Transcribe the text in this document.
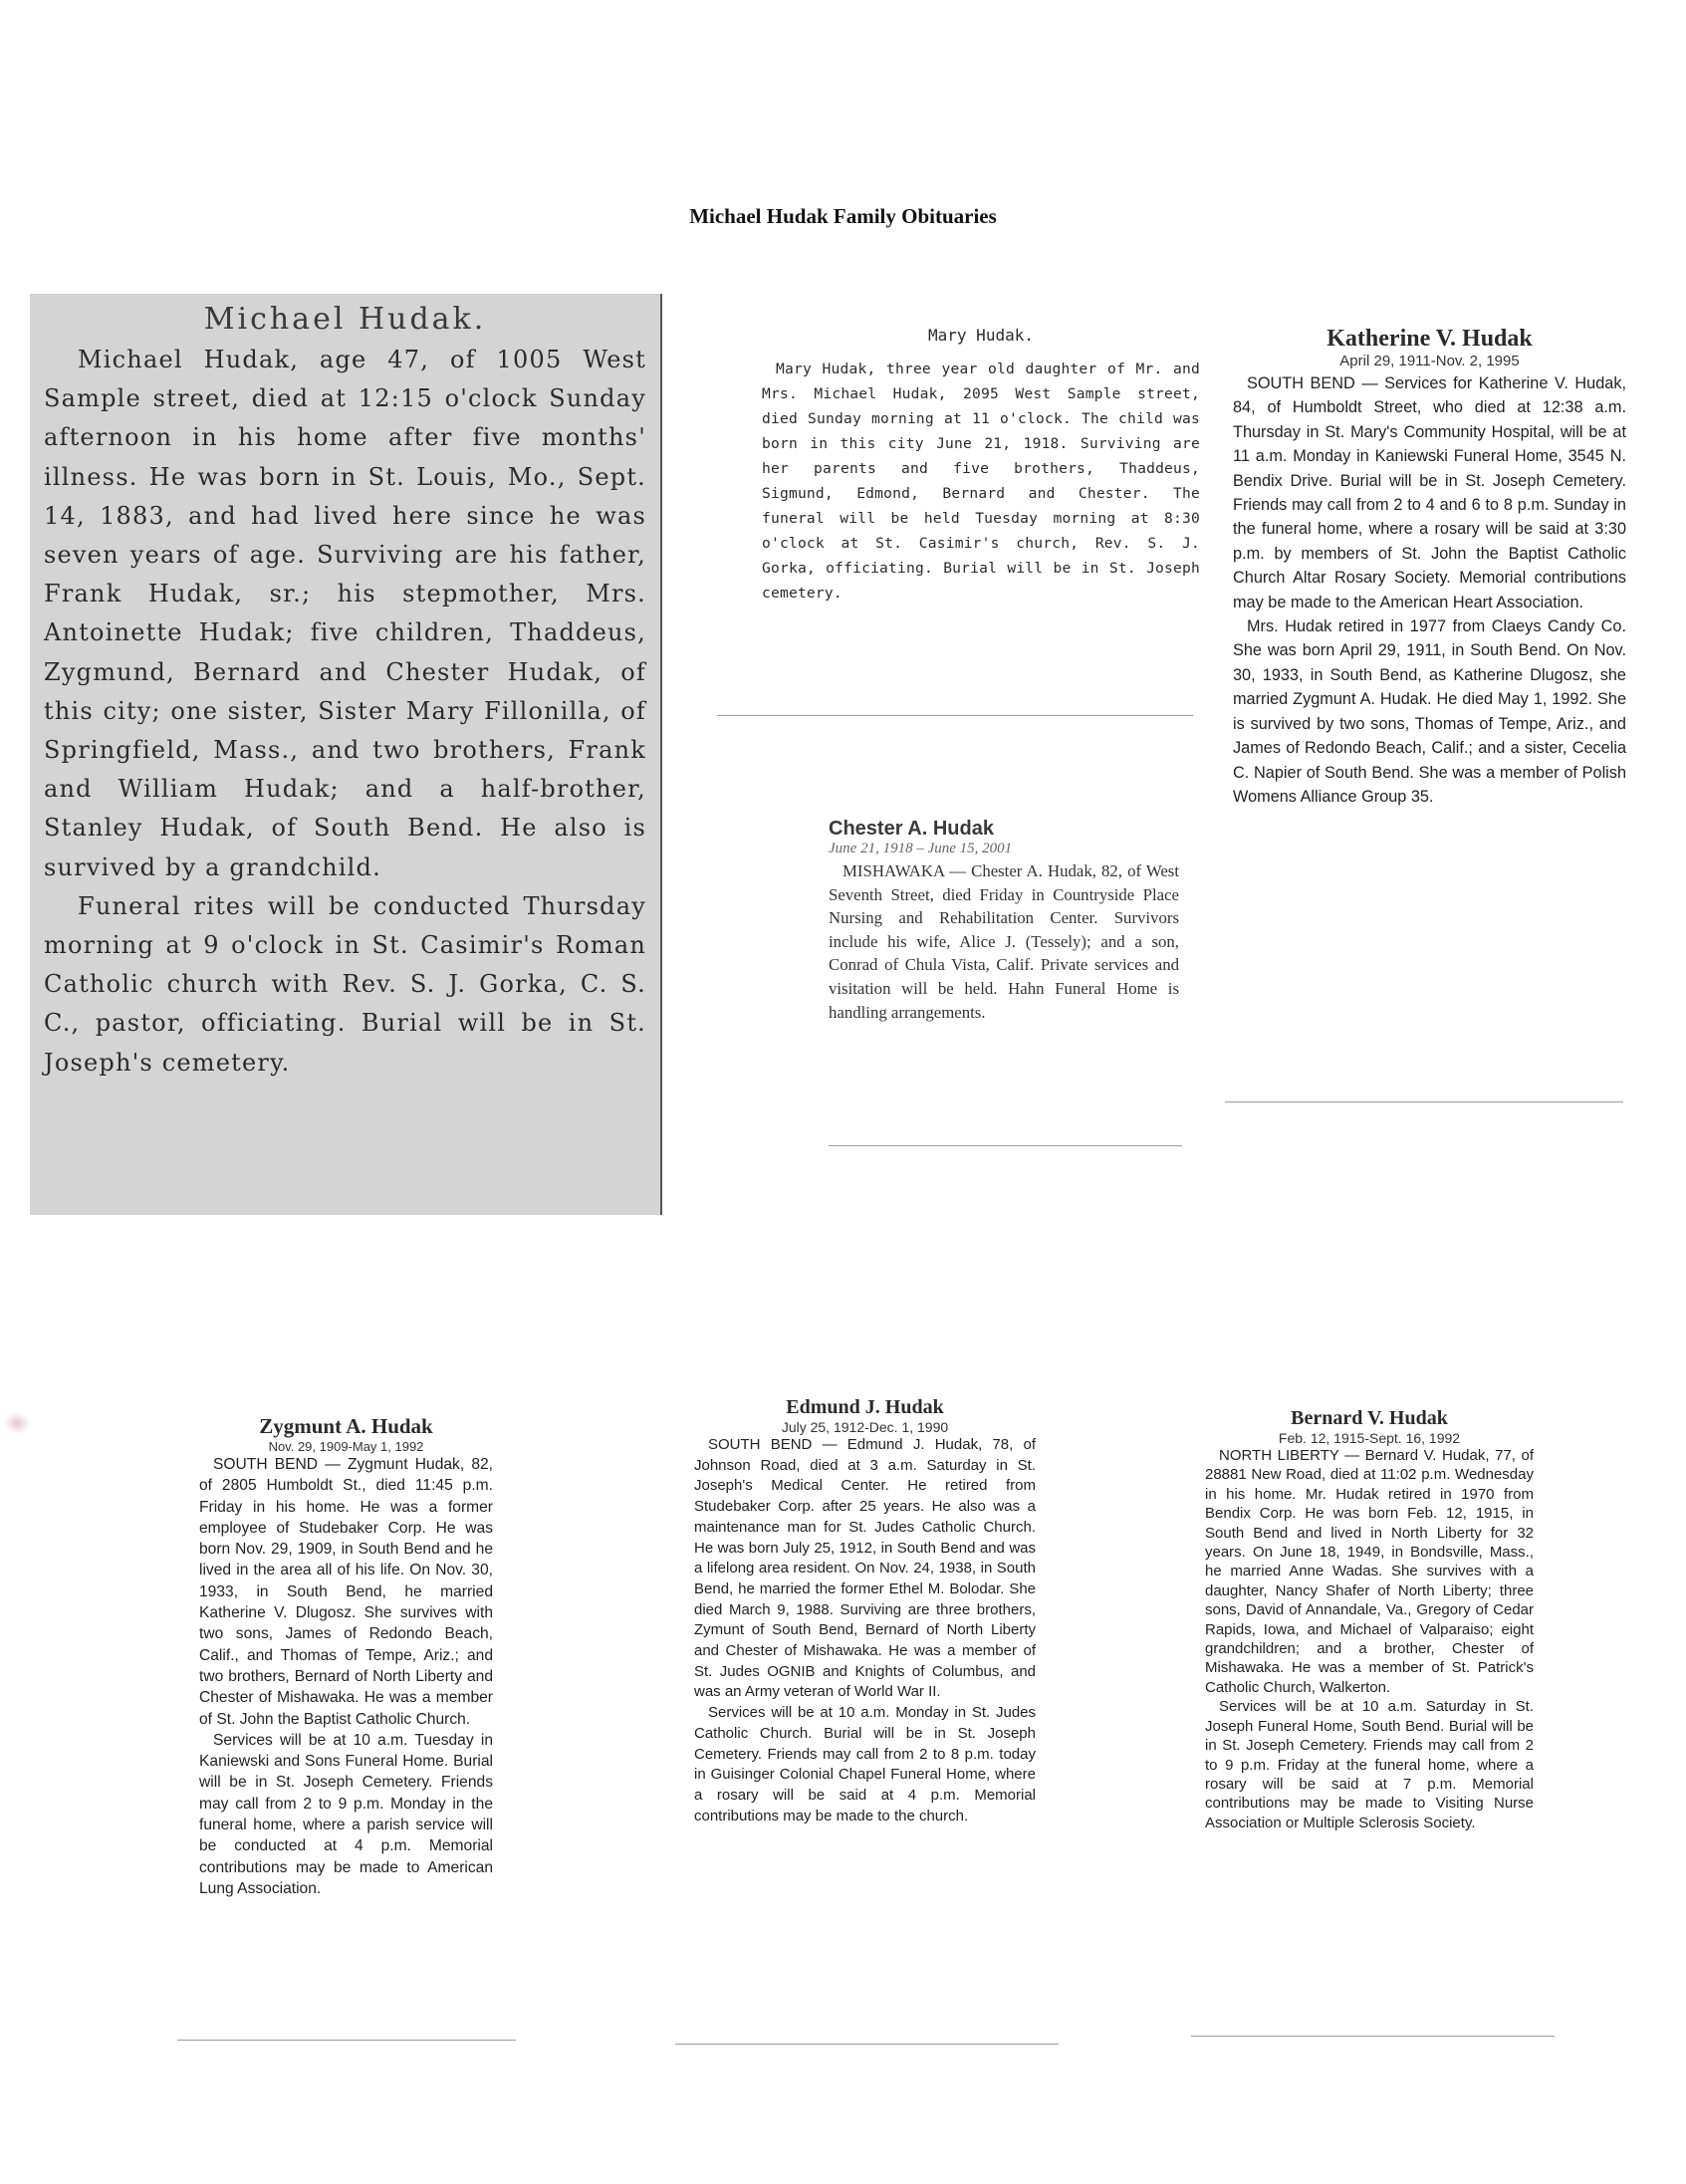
Michael Hudak Family Obituaries
Michael Hudak.

Michael Hudak, age 47, of 1005 West Sample street, died at 12:15 o'clock Sunday afternoon in his home after five months' illness. He was born in St. Louis, Mo., Sept. 14, 1883, and had lived here since he was seven years of age. Surviving are his father, Frank Hudak, sr.; his stepmother, Mrs. Antoinette Hudak; five children, Thaddeus, Zygmund, Bernard and Chester Hudak, of this city; one sister, Sister Mary Fillonilla, of Springfield, Mass., and two brothers, Frank and William Hudak; and a half-brother, Stanley Hudak, of South Bend. He also is survived by a grandchild.

Funeral rites will be conducted Thursday morning at 9 o'clock in St. Casimir's Roman Catholic church with Rev. S. J. Gorka, C. S. C., pastor, officiating. Burial will be in St. Joseph's cemetery.

Mary Hudak.

Mary Hudak, three year old daughter of Mr. and Mrs. Michael Hudak, 2095 West Sample street, died Sunday morning at 11 o'clock. The child was born in this city June 21, 1918. Surviving are her parents and five brothers, Thaddeus, Sigmund, Edmond, Bernard and Chester. The funeral will be held Tuesday morning at 8:30 o'clock at St. Casimir's church, Rev. S. J. Gorka, officiating. Burial will be in St. Joseph cemetery.

Katherine V. Hudak
April 29, 1911-Nov. 2, 1995

SOUTH BEND — Services for Katherine V. Hudak, 84, of Humboldt Street, who died at 12:38 a.m. Thursday in St. Mary's Community Hospital, will be at 11 a.m. Monday in Kaniewski Funeral Home, 3545 N. Bendix Drive. Burial will be in St. Joseph Cemetery. Friends may call from 2 to 4 and 6 to 8 p.m. Sunday in the funeral home, where a rosary will be said at 3:30 p.m. by members of St. John the Baptist Catholic Church Altar Rosary Society. Memorial contributions may be made to the American Heart Association.

Mrs. Hudak retired in 1977 from Claeys Candy Co. She was born April 29, 1911, in South Bend. On Nov. 30, 1933, in South Bend, as Katherine Dlugosz, she married Zygmunt A. Hudak. He died May 1, 1992. She is survived by two sons, Thomas of Tempe, Ariz., and James of Redondo Beach, Calif.; and a sister, Cecelia C. Napier of South Bend. She was a member of Polish Womens Alliance Group 35.

Chester A. Hudak
June 21, 1918 – June 15, 2001

MISHAWAKA — Chester A. Hudak, 82, of West Seventh Street, died Friday in Countryside Place Nursing and Rehabilitation Center. Survivors include his wife, Alice J. (Tessely); and a son, Conrad of Chula Vista, Calif. Private services and visitation will be held. Hahn Funeral Home is handling arrangements.

Zygmunt A. Hudak
Nov. 29, 1909-May 1, 1992

SOUTH BEND — Zygmunt Hudak, 82, of 2805 Humboldt St., died 11:45 p.m. Friday in his home. He was a former employee of Studebaker Corp. He was born Nov. 29, 1909, in South Bend and he lived in the area all of his life. On Nov. 30, 1933, in South Bend, he married Katherine V. Dlugosz. She survives with two sons, James of Redondo Beach, Calif., and Thomas of Tempe, Ariz.; and two brothers, Bernard of North Liberty and Chester of Mishawaka. He was a member of St. John the Baptist Catholic Church.

Services will be at 10 a.m. Tuesday in Kaniewski and Sons Funeral Home. Burial will be in St. Joseph Cemetery. Friends may call from 2 to 9 p.m. Monday in the funeral home, where a parish service will be conducted at 4 p.m. Memorial contributions may be made to American Lung Association.

Edmund J. Hudak
July 25, 1912-Dec. 1, 1990

SOUTH BEND — Edmund J. Hudak, 78, of Johnson Road, died at 3 a.m. Saturday in St. Joseph's Medical Center. He retired from Studebaker Corp. after 25 years. He also was a maintenance man for St. Judes Catholic Church. He was born July 25, 1912, in South Bend and was a lifelong area resident. On Nov. 24, 1938, in South Bend, he married the former Ethel M. Bolodar. She died March 9, 1988. Surviving are three brothers, Zymunt of South Bend, Bernard of North Liberty and Chester of Mishawaka. He was a member of St. Judes OGNIB and Knights of Columbus, and was an Army veteran of World War II.

Services will be at 10 a.m. Monday in St. Judes Catholic Church. Burial will be in St. Joseph Cemetery. Friends may call from 2 to 8 p.m. today in Guisinger Colonial Chapel Funeral Home, where a rosary will be said at 4 p.m. Memorial contributions may be made to the church.

Bernard V. Hudak
Feb. 12, 1915-Sept. 16, 1992

NORTH LIBERTY — Bernard V. Hudak, 77, of 28881 New Road, died at 11:02 p.m. Wednesday in his home. Mr. Hudak retired in 1970 from Bendix Corp. He was born Feb. 12, 1915, in South Bend and lived in North Liberty for 32 years. On June 18, 1949, in Bondsville, Mass., he married Anne Wadas. She survives with a daughter, Nancy Shafer of North Liberty; three sons, David of Annandale, Va., Gregory of Cedar Rapids, Iowa, and Michael of Valparaiso; eight grandchildren; and a brother, Chester of Mishawaka. He was a member of St. Patrick's Catholic Church, Walkerton.

Services will be at 10 a.m. Saturday in St. Joseph Funeral Home, South Bend. Burial will be in St. Joseph Cemetery. Friends may call from 2 to 9 p.m. Friday at the funeral home, where a rosary will be said at 7 p.m. Memorial contributions may be made to Visiting Nurse Association or Multiple Sclerosis Society.
